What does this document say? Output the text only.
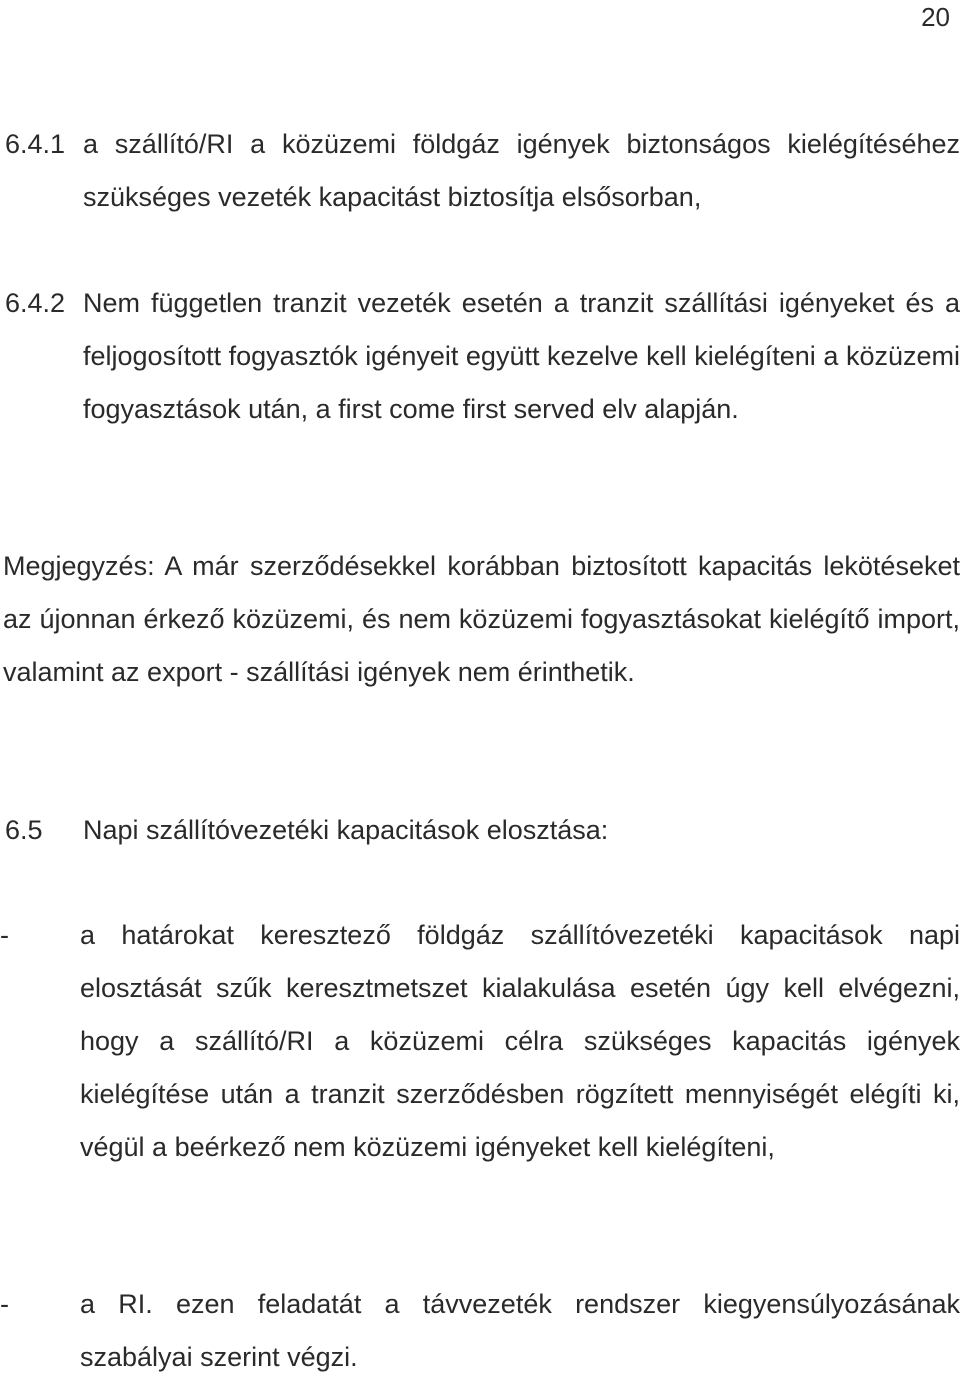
20
6.4.1 a szállító/RI a közüzemi földgáz igények biztonságos kielégítéséhez szükséges vezeték kapacitást biztosítja elsősorban,
6.4.2 Nem független tranzit vezeték esetén a tranzit szállítási igényeket és a feljogosított fogyasztók igényeit együtt kezelve kell kielégíteni a közüzemi fogyasztások után, a first come first served elv alapján.
Megjegyzés: A már szerződésekkel korábban biztosított kapacitás lekötéseket az újonnan érkező közüzemi, és nem közüzemi fogyasztásokat kielégítő import, valamint az export - szállítási igények nem érinthetik.
6.5	Napi szállítóvezetéki kapacitások elosztása:
-	a határokat keresztező földgáz szállítóvezetéki kapacitások napi elosztását szűk keresztmetszet kialakulása esetén úgy kell elvégezni, hogy a szállító/RI a közüzemi célra szükséges kapacitás igények kielégítése után a tranzit szerződésben rögzített mennyiségét elégíti ki, végül a beérkező nem közüzemi igényeket kell kielégíteni,
-	a RI. ezen feladatát a távvezeték rendszer kiegyensúlyozásának szabályai szerint végzi.
